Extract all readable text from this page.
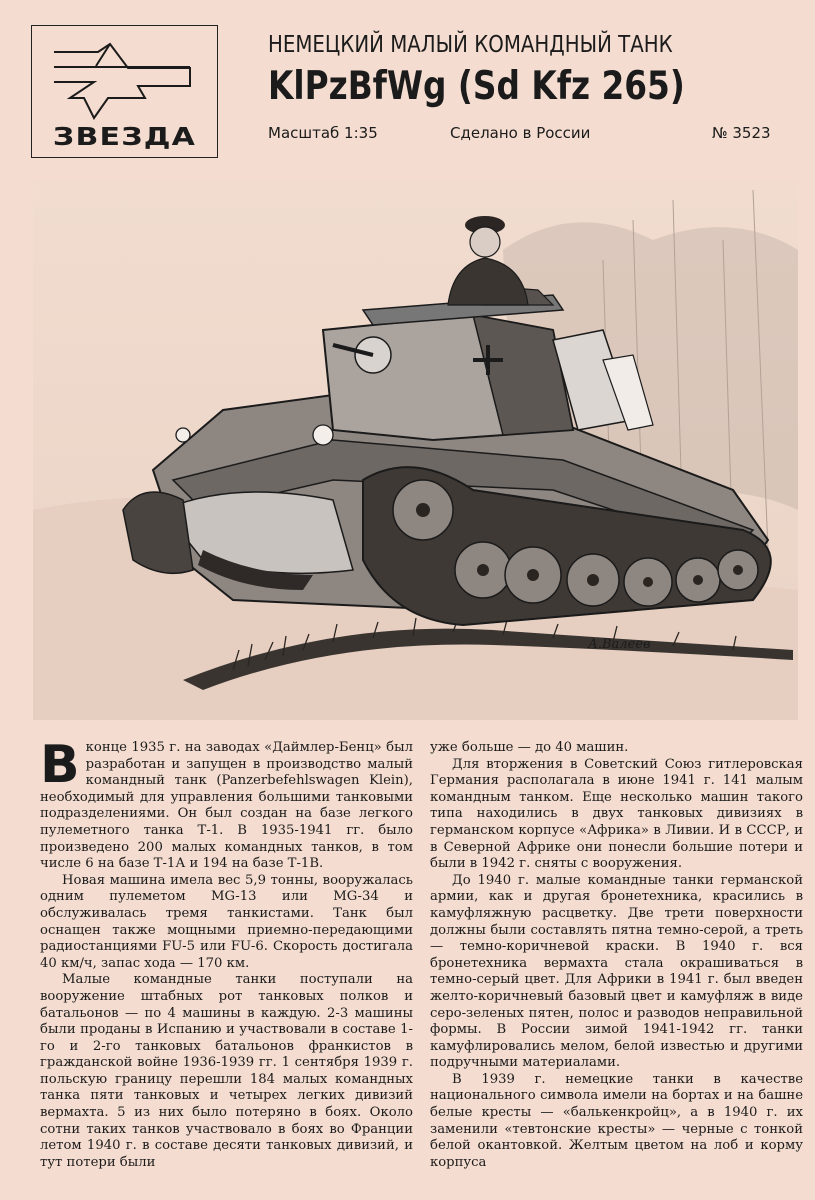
ЗВЕЗДА
НЕМЕЦКИЙ МАЛЫЙ КОМАНДНЫЙ ТАНК
KlPzBfWg (Sd Kfz 265)
Масштаб 1:35	Сделано в России	№ 3523
А.Валеев

В конце 1935 г. на заводах «Даймлер-Бенц» был разработан и запущен в производство малый командный танк (Panzerbefehlswagen Klein), необходимый для управления большими танковыми подразделениями. Он был создан на базе легкого пулеметного танка Т-1. В 1935-1941 гг. было произведено 200 малых командных танков, в том числе 6 на базе Т-1А и 194 на базе Т-1В.

Новая машина имела вес 5,9 тонны, вооружалась одним пулеметом MG-13 или MG-34 и обслуживалась тремя танкистами. Танк был оснащен также мощными приемно-передающими радиостанциями FU-5 или FU-6. Скорость достигала 40 км/ч, запас хода — 170 км.

Малые командные танки поступали на вооружение штабных рот танковых полков и батальонов — по 4 машины в каждую. 2-3 машины были проданы в Испанию и участвовали в составе 1-го и 2-го танковых батальонов франкистов в гражданской войне 1936-1939 гг. 1 сентября 1939 г. польскую границу перешли 184 малых командных танка пяти танковых и четырех легких дивизий вермахта. 5 из них было потеряно в боях. Около сотни таких танков участвовало в боях во Франции летом 1940 г. в составе десяти танковых дивизий, и тут потери были

уже больше — до 40 машин.

Для вторжения в Советский Союз гитлеровская Германия располагала в июне 1941 г. 141 малым командным танком. Еще несколько машин такого типа находились в двух танковых дивизиях в германском корпусе «Африка» в Ливии. И в СССР, и в Северной Африке они понесли большие потери и были в 1942 г. сняты с вооружения.

До 1940 г. малые командные танки германской армии, как и другая бронетехника, красились в камуфляжную расцветку. Две трети поверхности должны были составлять пятна темно-серой, а треть — темно-коричневой краски. В 1940 г. вся бронетехника вермахта стала окрашиваться в темно-серый цвет. Для Африки в 1941 г. был введен желто-коричневый базовый цвет и камуфляж в виде серо-зеленых пятен, полос и разводов неправильной формы. В России зимой 1941-1942 гг. танки камуфлировались мелом, белой известью и другими подручными материалами.

В 1939 г. немецкие танки в качестве национального символа имели на бортах и на башне белые кресты — «балькенкройц», а в 1940 г. их заменили «тевтонские кресты» — черные с тонкой белой окантовкой. Желтым цветом на лоб и корму корпуса
